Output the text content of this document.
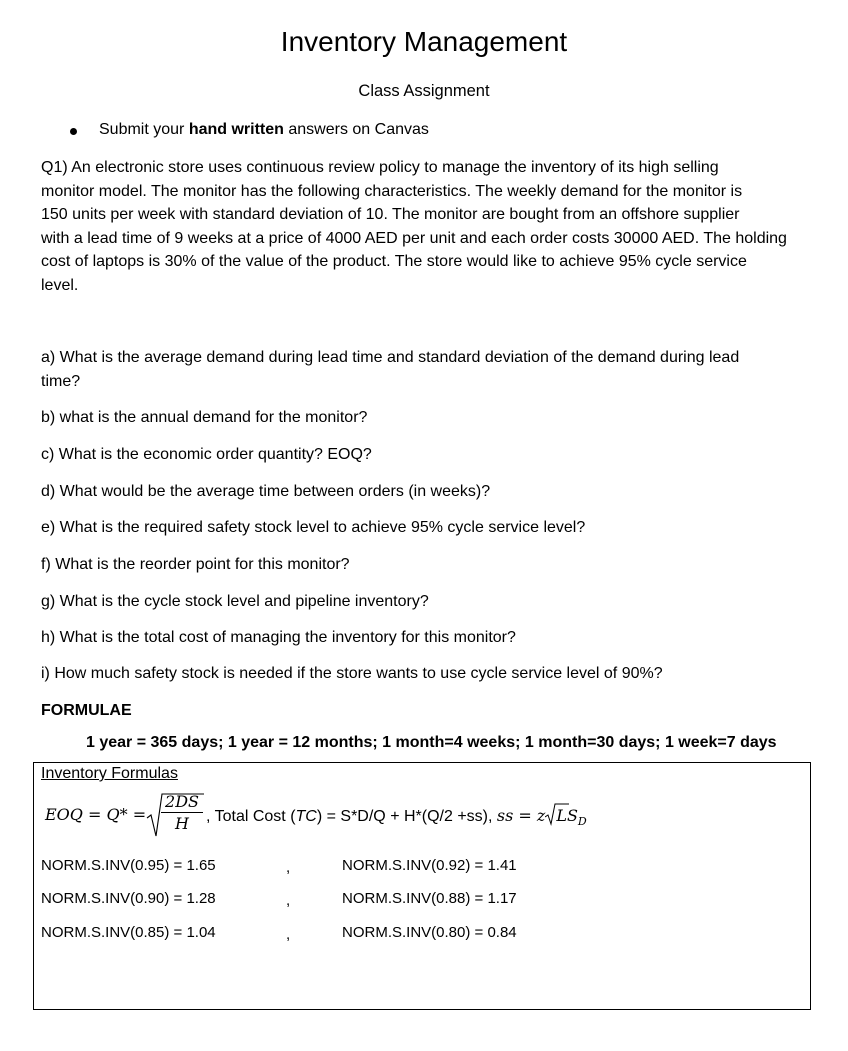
Inventory Management
Class Assignment
Submit your hand written answers on Canvas
Q1) An electronic store uses continuous review policy to manage the inventory of its high selling
monitor model. The monitor has the following characteristics. The weekly demand for the monitor is
150 units per week with standard deviation of 10. The monitor are bought from an offshore supplier
with a lead time of 9 weeks at a price of 4000 AED per unit and each order costs 30000 AED. The holding
cost of laptops is 30% of the value of the product. The store would like to achieve 95% cycle service
level.
a) What is the average demand during lead time and standard deviation of the demand during lead
time?
b) what is the annual demand for the monitor?
c) What is the economic order quantity? EOQ?
d) What would be the average time between orders (in weeks)?
e) What is the required safety stock level to achieve 95% cycle service level?
f) What is the reorder point for this monitor?
g) What is the cycle stock level and pipeline inventory?
h) What is the total cost of managing the inventory for this monitor?
i) How much safety stock is needed if the store wants to use cycle service level of 90%?
FORMULAE
1 year = 365 days; 1 year = 12 months; 1 month=4 weeks; 1 month=30 days; 1 week=7 days
Inventory Formulas
EOQ = Q* =
2DS
H	, Total Cost (TC) = S*D/Q + H*(Q/2 +ss), ss = z $LS_D$
NORM.S.INV(0.95) = 1.65	,	NORM.S.INV(0.92) = 1.41
NORM.S.INV(0.90) = 1.28	,	NORM.S.INV(0.88) = 1.17
NORM.S.INV(0.85) = 1.04	,	NORM.S.INV(0.80) = 0.84
